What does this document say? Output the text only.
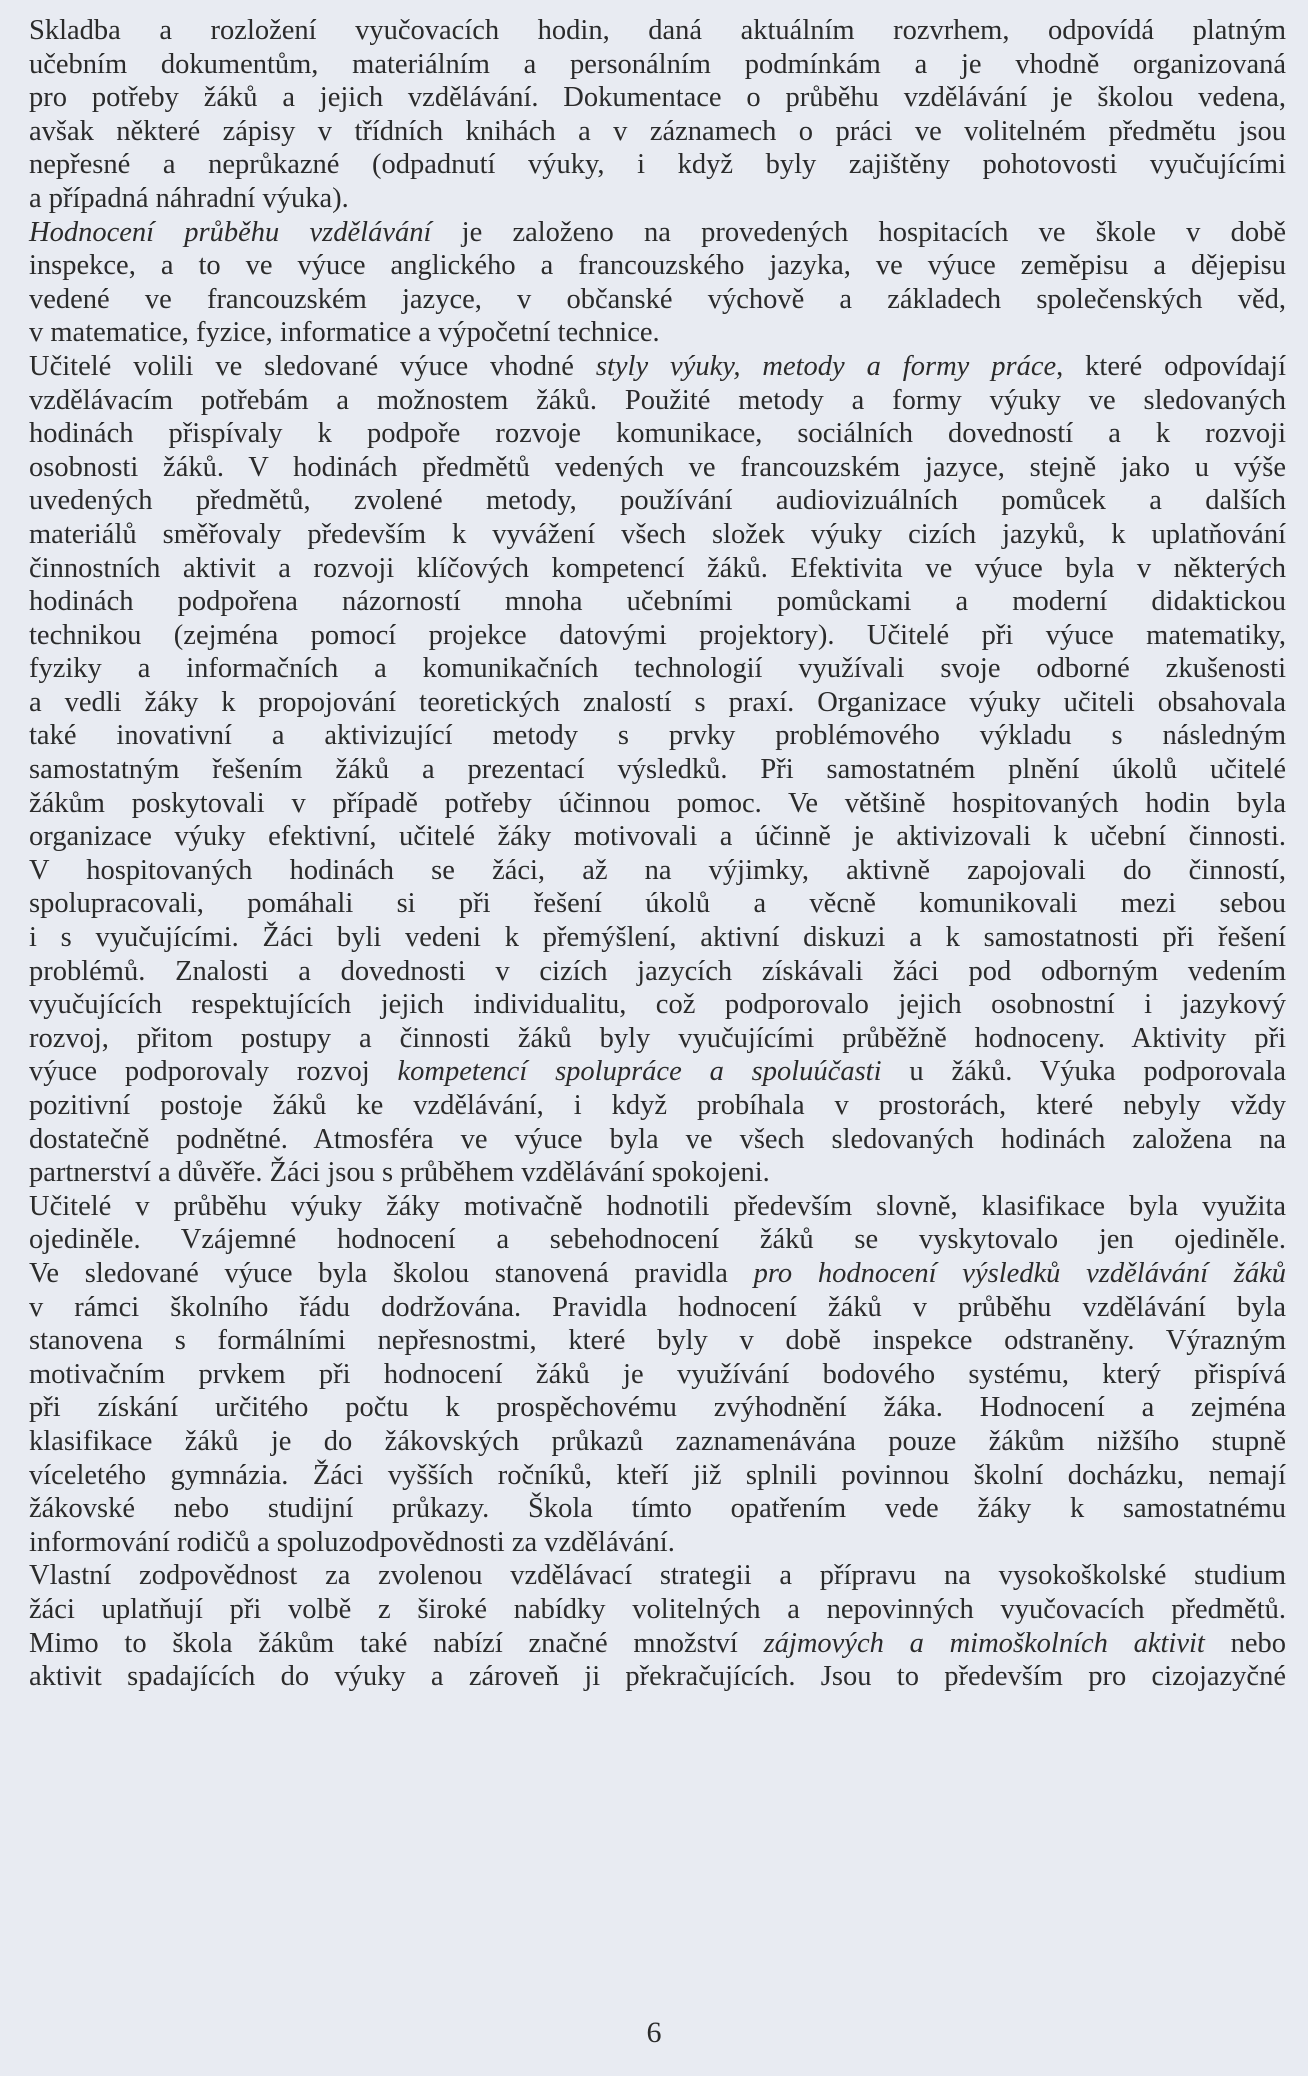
Skladba a rozložení vyučovacích hodin, daná aktuálním rozvrhem, odpovídá platným
učebním dokumentům, materiálním a personálním podmínkám a je vhodně organizovaná
pro potřeby žáků a jejich vzdělávání. Dokumentace o průběhu vzdělávání je školou vedena,
avšak některé zápisy v třídních knihách a v záznamech o práci ve volitelném předmětu jsou
nepřesné a neprůkazné (odpadnutí výuky, i když byly zajištěny pohotovosti vyučujícími
a případná náhradní výuka).
Hodnocení průběhu vzdělávání je založeno na provedených hospitacích ve škole v době
inspekce, a to ve výuce anglického a francouzského jazyka, ve výuce zeměpisu a dějepisu
vedené ve francouzském jazyce, v občanské výchově a základech společenských věd,
v matematice, fyzice, informatice a výpočetní technice.
Učitelé volili ve sledované výuce vhodné styly výuky, metody a formy práce, které odpovídají
vzdělávacím potřebám a možnostem žáků. Použité metody a formy výuky ve sledovaných
hodinách přispívaly k podpoře rozvoje komunikace, sociálních dovedností a k rozvoji
osobnosti žáků. V hodinách předmětů vedených ve francouzském jazyce, stejně jako u výše
uvedených předmětů, zvolené metody, používání audiovizuálních pomůcek a dalších
materiálů směřovaly především k vyvážení všech složek výuky cizích jazyků, k uplatňování
činnostních aktivit a rozvoji klíčových kompetencí žáků. Efektivita ve výuce byla v některých
hodinách podpořena názorností mnoha učebními pomůckami a moderní didaktickou
technikou (zejména pomocí projekce datovými projektory). Učitelé při výuce matematiky,
fyziky a informačních a komunikačních technologií využívali svoje odborné zkušenosti
a vedli žáky k propojování teoretických znalostí s praxí. Organizace výuky učiteli obsahovala
také inovativní a aktivizující metody s prvky problémového výkladu s následným
samostatným řešením žáků a prezentací výsledků. Při samostatném plnění úkolů učitelé
žákům poskytovali v případě potřeby účinnou pomoc. Ve většině hospitovaných hodin byla
organizace výuky efektivní, učitelé žáky motivovali a účinně je aktivizovali k učební činnosti.
V hospitovaných hodinách se žáci, až na výjimky, aktivně zapojovali do činností,
spolupracovali, pomáhali si při řešení úkolů a věcně komunikovali mezi sebou
i s vyučujícími. Žáci byli vedeni k přemýšlení, aktivní diskuzi a k samostatnosti při řešení
problémů. Znalosti a dovednosti v cizích jazycích získávali žáci pod odborným vedením
vyučujících respektujících jejich individualitu, což podporovalo jejich osobnostní i jazykový
rozvoj, přitom postupy a činnosti žáků byly vyučujícími průběžně hodnoceny. Aktivity při
výuce podporovaly rozvoj kompetencí spolupráce a spoluúčasti u žáků. Výuka podporovala
pozitivní postoje žáků ke vzdělávání, i když probíhala v prostorách, které nebyly vždy
dostatečně podnětné. Atmosféra ve výuce byla ve všech sledovaných hodinách založena na
partnerství a důvěře. Žáci jsou s průběhem vzdělávání spokojeni.
Učitelé v průběhu výuky žáky motivačně hodnotili především slovně, klasifikace byla využita
ojediněle. Vzájemné hodnocení a sebehodnocení žáků se vyskytovalo jen ojediněle.
Ve sledované výuce byla školou stanovená pravidla pro hodnocení výsledků vzdělávání žáků
v rámci školního řádu dodržována. Pravidla hodnocení žáků v průběhu vzdělávání byla
stanovena s formálními nepřesnostmi, které byly v době inspekce odstraněny. Výrazným
motivačním prvkem při hodnocení žáků je využívání bodového systému, který přispívá
při získání určitého počtu k prospěchovému zvýhodnění žáka. Hodnocení a zejména
klasifikace žáků je do žákovských průkazů zaznamenávána pouze žákům nižšího stupně
víceletého gymnázia. Žáci vyšších ročníků, kteří již splnili povinnou školní docházku, nemají
žákovské nebo studijní průkazy. Škola tímto opatřením vede žáky k samostatnému
informování rodičů a spoluzodpovědnosti za vzdělávání.
Vlastní zodpovědnost za zvolenou vzdělávací strategii a přípravu na vysokoškolské studium
žáci uplatňují při volbě z široké nabídky volitelných a nepovinných vyučovacích předmětů.
Mimo to škola žákům také nabízí značné množství zájmových a mimoškolních aktivit nebo
aktivit spadajících do výuky a zároveň ji překračujících. Jsou to především pro cizojazyčné
6
